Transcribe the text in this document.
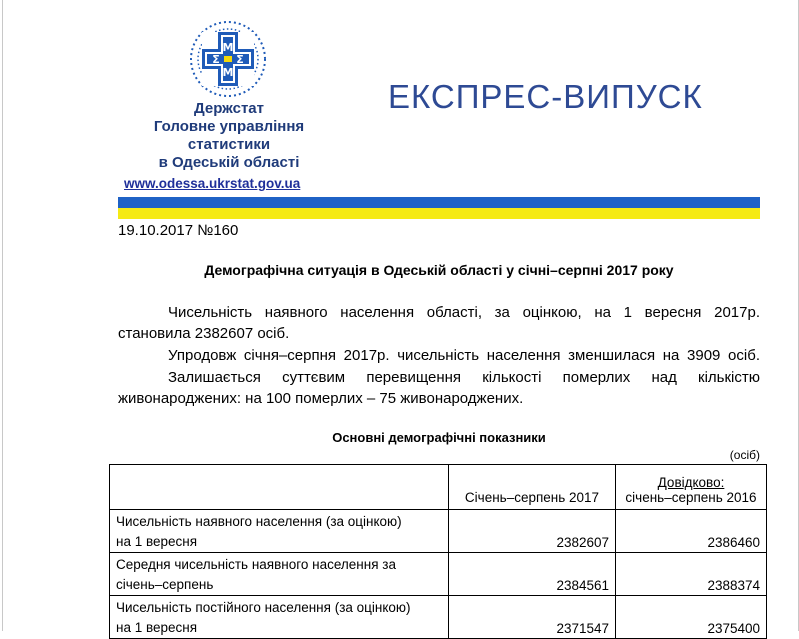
М
Σ Σ
М
Держстат
Головне управління
статистики
в Одеській області
www.odessa.ukrstat.gov.ua
ЕКСПРЕС-ВИПУСК
19.10.2017 №160
Демографічна ситуація в Одеській області у січні–серпні 2017 року
Чисельність наявного населення області, за оцінкою, на 1 вересня 2017р.
становила 2382607 осіб.
Упродовж січня–серпня 2017р. чисельність населення зменшилася на 3909 осіб.
Залишається суттєвим перевищення кількості померлих над кількістю
живонароджених: на 100 померлих – 75 живонароджених.
Основні демографічні показники
(осіб)
	Січень–серпень 2017	Довідково:
січень–серпень 2016

Чисельність наявного населення (за оцінкою)
на 1 вересня	2382607	2386460

Середня чисельність наявного населення за
січень–серпень	2384561	2388374

Чисельність постійного населення (за оцінкою)
на 1 вересня	2371547	2375400
